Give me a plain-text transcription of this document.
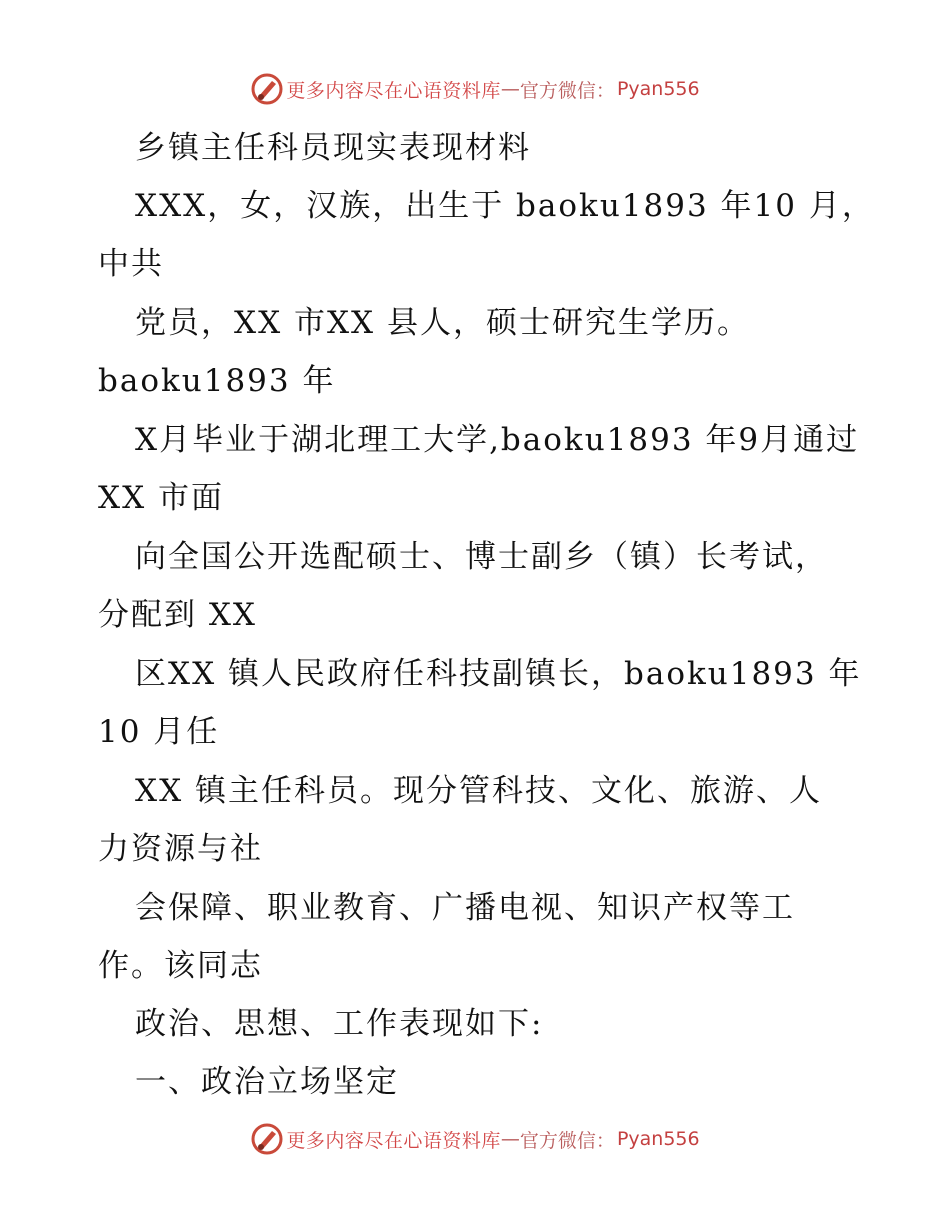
更多内容尽在心语资料库 — 官方微信： Pyan556
乡镇主任科员现实表现材料
XXX，女，汉族，出生于 baoku1893 年10 月，
中共
党员，XX 市XX 县人，硕士研究生学历。
baoku1893 年
X月毕业于湖北理工大学,baoku1893 年9月通过
XX 市面
向全国公开选配硕士、博士副乡（镇）长考试，
分配到 XX
区XX 镇人民政府任科技副镇长，baoku1893 年
10 月任
XX 镇主任科员。现分管科技、文化、旅游、人
力资源与社
会保障、职业教育、广播电视、知识产权等工
作。该同志
政治、思想、工作表现如下:
一、政治立场坚定
更多内容尽在心语资料库 — 官方微信： Pyan556
